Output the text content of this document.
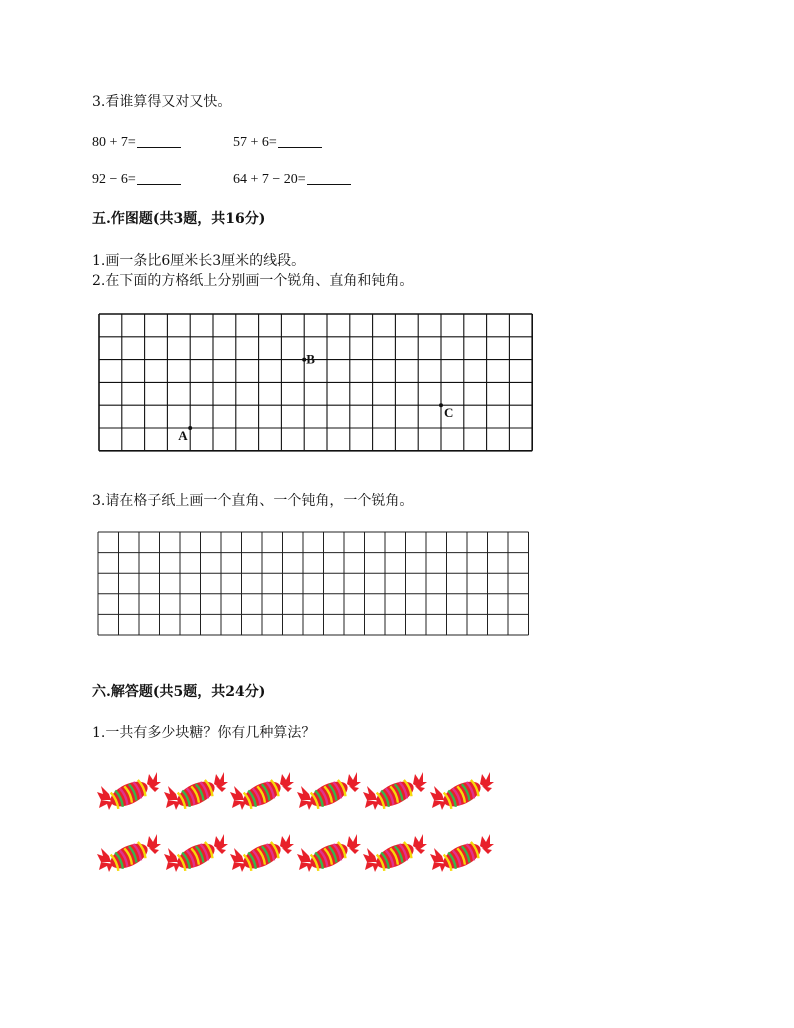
3.看谁算得又对又快。
80 + 7=	57 + 6=
92 − 6=	64 + 7 − 20=
五.作图题(共3题，共16分)
1.画一条比6厘米长3厘米的线段。
2.在下面的方格纸上分别画一个锐角、直角和钝角。
A
B
C
3.请在格子纸上画一个直角、一个钝角，一个锐角。
六.解答题(共5题，共24分)
1.一共有多少块糖？你有几种算法？
